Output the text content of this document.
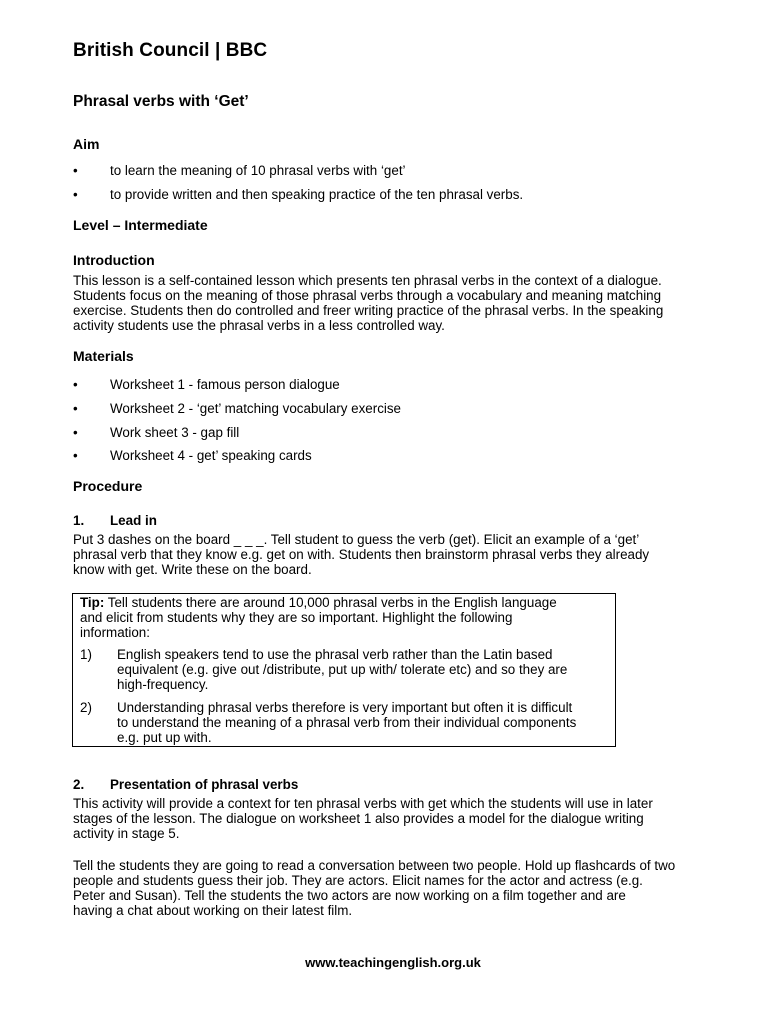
British Council | BBC
Phrasal verbs with ‘Get’
Aim
• to learn the meaning of 10 phrasal verbs with ‘get’
• to provide written and then speaking practice of the ten phrasal verbs.
Level – Intermediate
Introduction
This lesson is a self-contained lesson which presents ten phrasal verbs in the context of a dialogue.
Students focus on the meaning of those phrasal verbs through a vocabulary and meaning matching
exercise. Students then do controlled and freer writing practice of the phrasal verbs. In the speaking
activity students use the phrasal verbs in a less controlled way.
Materials
• Worksheet 1 - famous person dialogue
• Worksheet 2 - ‘get’ matching vocabulary exercise
• Work sheet 3 - gap fill
• Worksheet 4 - get’ speaking cards
Procedure
1. Lead in
Put 3 dashes on the board _ _ _. Tell student to guess the verb (get). Elicit an example of a ‘get’
phrasal verb that they know e.g. get on with. Students then brainstorm phrasal verbs they already
know with get. Write these on the board.
Tip: Tell students there are around 10,000 phrasal verbs in the English language
and elicit from students why they are so important. Highlight the following
information:
1) English speakers tend to use the phrasal verb rather than the Latin based
equivalent (e.g. give out /distribute, put up with/ tolerate etc) and so they are
high-frequency.
2) Understanding phrasal verbs therefore is very important but often it is difficult
to understand the meaning of a phrasal verb from their individual components
e.g. put up with.
2. Presentation of phrasal verbs
This activity will provide a context for ten phrasal verbs with get which the students will use in later
stages of the lesson. The dialogue on worksheet 1 also provides a model for the dialogue writing
activity in stage 5.
Tell the students they are going to read a conversation between two people. Hold up flashcards of two
people and students guess their job. They are actors. Elicit names for the actor and actress (e.g.
Peter and Susan). Tell the students the two actors are now working on a film together and are
having a chat about working on their latest film.
www.teachingenglish.org.uk
